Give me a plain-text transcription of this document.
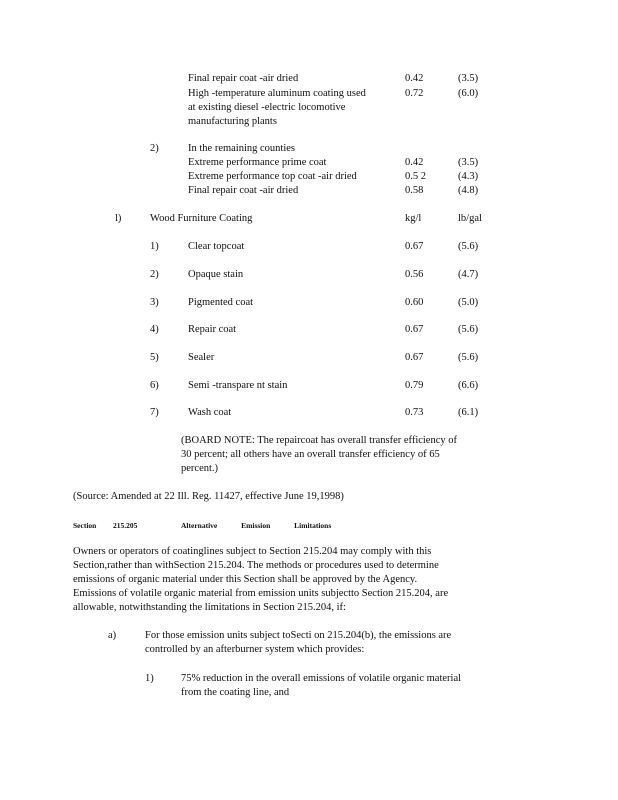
Final repair coat -air dried	0.42	(3.5)
High -temperature aluminum coating used	0.72	(6.0)
at existing diesel -electric locomotive
manufacturing plants
2)	In the remaining counties
Extreme performance prime coat	0.42	(3.5)
Extreme performance top coat -air dried	0.5 2	(4.3)
Final repair coat -air dried	0.58	(4.8)
l)	Wood Furniture Coating	kg/l	lb/gal
1)	Clear topcoat	0.67	(5.6)
2)	Opaque stain	0.56	(4.7)
3)	Pigmented coat	0.60	(5.0)
4)	Repair coat	0.67	(5.6)
5)	Sealer	0.67	(5.6)
6)	Semi -transpare nt stain	0.79	(6.6)
7)	Wash coat	0.73	(6.1)
(BOARD NOTE: The repaircoat has overall transfer efficiency of
30 percent; all others have an overall transfer efficiency of 65
percent.)
(Source: Amended at 22 Ill. Reg. 11427, effective June 19,1998)
Section 215.205	Alternative Emission Limitations
Owners or operators of coatinglines subject to Section 215.204 may comply with this
Section,rather than withSection 215.204. The methods or procedures used to determine
emissions of organic material under this Section shall be approved by the Agency.
Emissions of volatile organic material from emission units subjectto Section 215.204, are
allowable, notwithstanding the limitations in Section 215.204, if:
a)	For those emission units subject toSecti on 215.204(b), the emissions are
controlled by an afterburner system which provides:
1)	75% reduction in the overall emissions of volatile organic material
from the coating line, and
